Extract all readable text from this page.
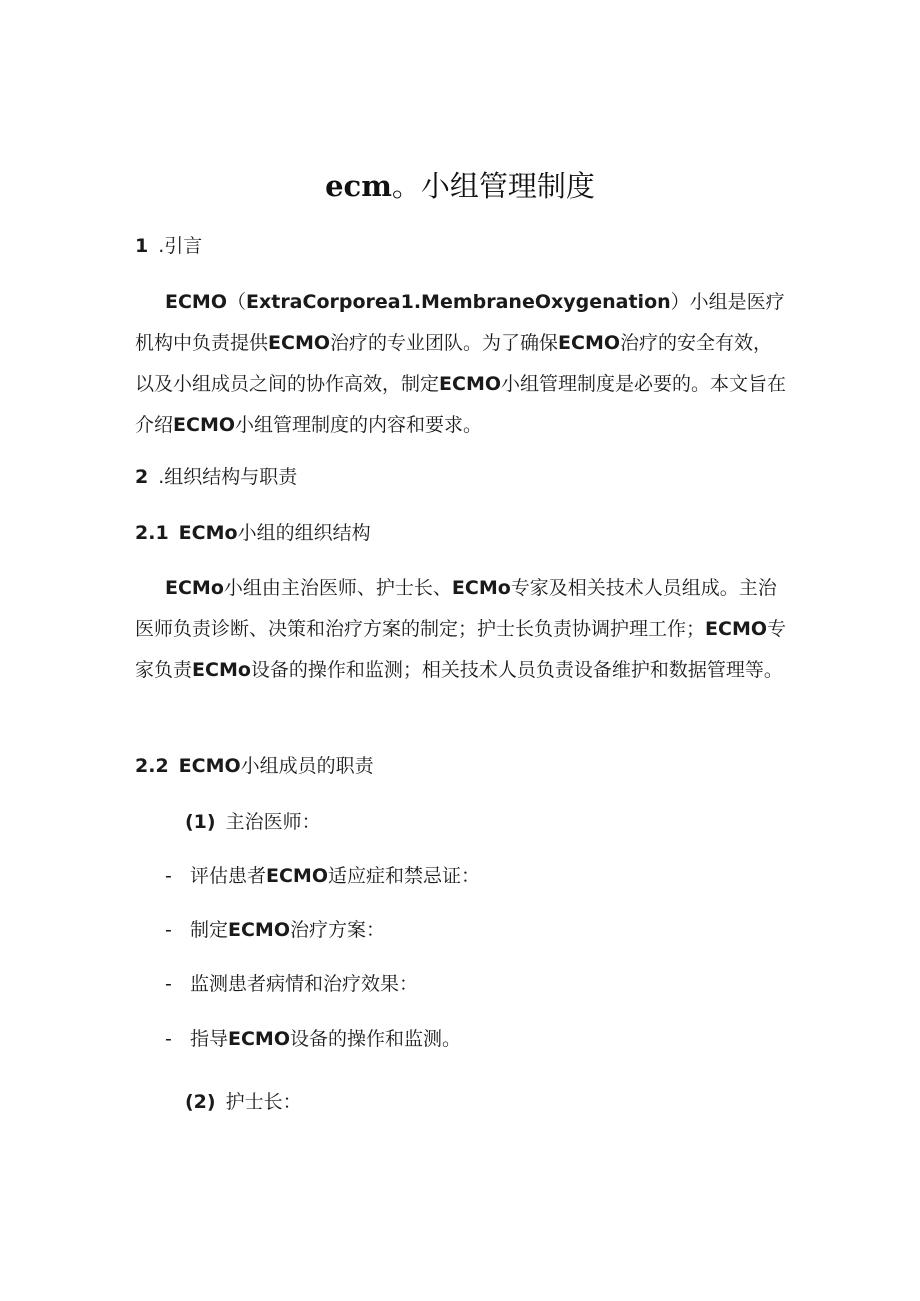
ecm。小组管理制度
1 .引言
ECMO（ExtraCorporea1.MembraneOxygenation）小组是医疗机构中负责提供ECMO治疗的专业团队。为了确保ECMO治疗的安全有效，以及小组成员之间的协作高效，制定ECMO小组管理制度是必要的。本文旨在介绍ECMO小组管理制度的内容和要求。
2 .组织结构与职责
2.1 ECMo小组的组织结构
ECMo小组由主治医师、护士长、ECMo专家及相关技术人员组成。主治医师负责诊断、决策和治疗方案的制定；护士长负责协调护理工作；ECMO专家负责ECMo设备的操作和监测；相关技术人员负责设备维护和数据管理等。
2.2 ECMO小组成员的职责
(1) 主治医师：
- 评估患者ECMO适应症和禁忌证：
- 制定ECMO治疗方案：
- 监测患者病情和治疗效果：
- 指导ECMO设备的操作和监测。
(2) 护士长：
